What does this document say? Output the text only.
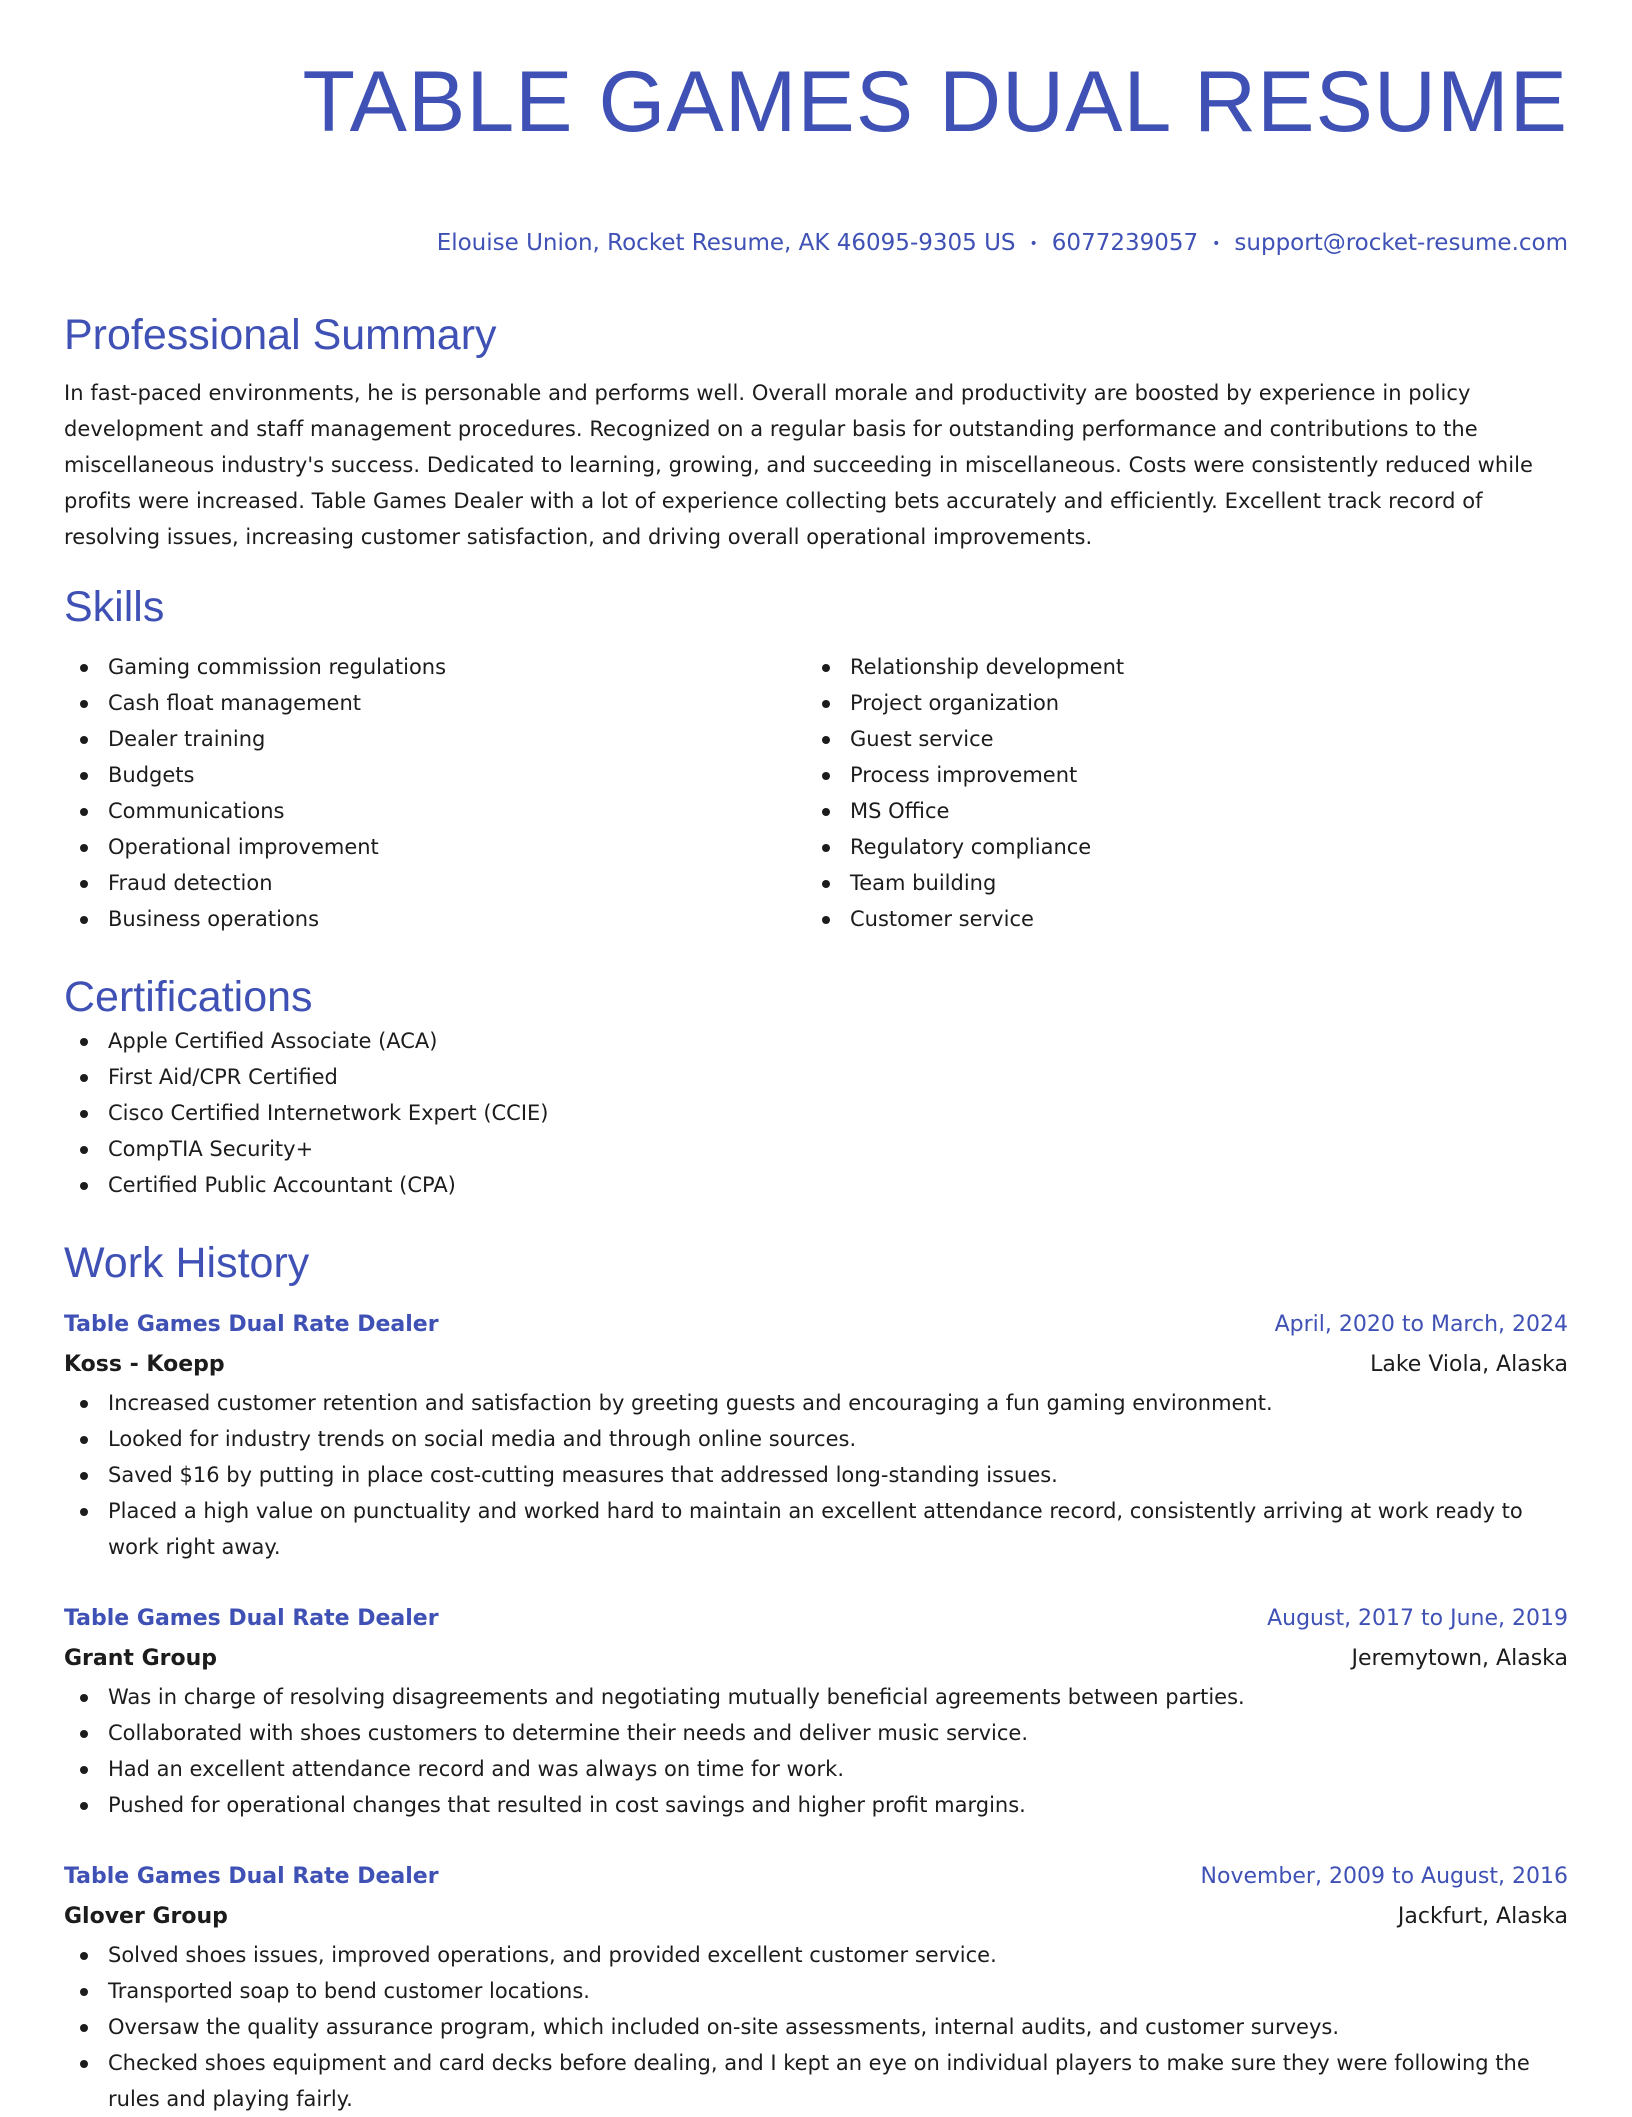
TABLE GAMES DUAL RESUME
Elouise Union, Rocket Resume, AK 46095-9305 US • 6077239057 • support@rocket-resume.com
Professional Summary
In fast-paced environments, he is personable and performs well. Overall morale and productivity are boosted by experience in policy development and staff management procedures. Recognized on a regular basis for outstanding performance and contributions to the miscellaneous industry's success. Dedicated to learning, growing, and succeeding in miscellaneous. Costs were consistently reduced while profits were increased. Table Games Dealer with a lot of experience collecting bets accurately and efficiently. Excellent track record of resolving issues, increasing customer satisfaction, and driving overall operational improvements.
Skills
Gaming commission regulations
Cash float management
Dealer training
Budgets
Communications
Operational improvement
Fraud detection
Business operations
Relationship development
Project organization
Guest service
Process improvement
MS Office
Regulatory compliance
Team building
Customer service
Certifications
Apple Certified Associate (ACA)
First Aid/CPR Certified
Cisco Certified Internetwork Expert (CCIE)
CompTIA Security+
Certified Public Accountant (CPA)
Work History
Table Games Dual Rate Dealer	April, 2020 to March, 2024
Koss - Koepp	Lake Viola, Alaska
Increased customer retention and satisfaction by greeting guests and encouraging a fun gaming environment.
Looked for industry trends on social media and through online sources.
Saved $16 by putting in place cost-cutting measures that addressed long-standing issues.
Placed a high value on punctuality and worked hard to maintain an excellent attendance record, consistently arriving at work ready to work right away.
Table Games Dual Rate Dealer	August, 2017 to June, 2019
Grant Group	Jeremytown, Alaska
Was in charge of resolving disagreements and negotiating mutually beneficial agreements between parties.
Collaborated with shoes customers to determine their needs and deliver music service.
Had an excellent attendance record and was always on time for work.
Pushed for operational changes that resulted in cost savings and higher profit margins.
Table Games Dual Rate Dealer	November, 2009 to August, 2016
Glover Group	Jackfurt, Alaska
Solved shoes issues, improved operations, and provided excellent customer service.
Transported soap to bend customer locations.
Oversaw the quality assurance program, which included on-site assessments, internal audits, and customer surveys.
Checked shoes equipment and card decks before dealing, and I kept an eye on individual players to make sure they were following the rules and playing fairly.
